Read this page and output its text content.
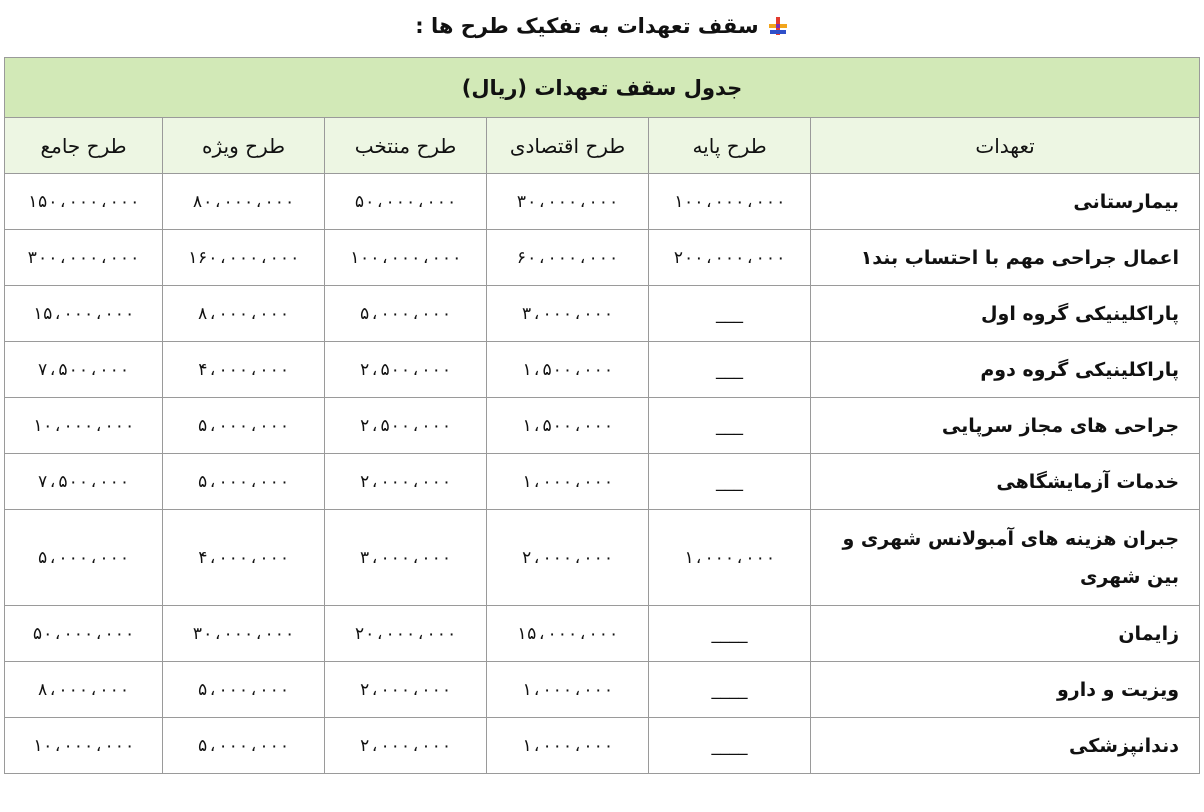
سقف تعهدات به تفکیک طرح ها :
جدول سقف تعهدات (ریال)					
تعهدات	طرح پایه	طرح اقتصادی	طرح منتخب	طرح ویژه	طرح جامع
بیمارستانی	۱۰۰،۰۰۰،۰۰۰	۳۰،۰۰۰،۰۰۰	۵۰،۰۰۰،۰۰۰	۸۰،۰۰۰،۰۰۰	۱۵۰،۰۰۰،۰۰۰
اعمال جراحی مهم با احتساب بند۱	۲۰۰،۰۰۰،۰۰۰	۶۰،۰۰۰،۰۰۰	۱۰۰،۰۰۰،۰۰۰	۱۶۰،۰۰۰،۰۰۰	۳۰۰،۰۰۰،۰۰۰
پاراکلینیکی گروه اول	___	۳،۰۰۰،۰۰۰	۵،۰۰۰،۰۰۰	۸،۰۰۰،۰۰۰	۱۵،۰۰۰،۰۰۰
پاراکلینیکی گروه دوم	___	۱،۵۰۰،۰۰۰	۲،۵۰۰،۰۰۰	۴،۰۰۰،۰۰۰	۷،۵۰۰،۰۰۰
جراحی های مجاز سرپایی	___	۱،۵۰۰،۰۰۰	۲،۵۰۰،۰۰۰	۵،۰۰۰،۰۰۰	۱۰،۰۰۰،۰۰۰
خدمات آزمایشگاهی	___	۱،۰۰۰،۰۰۰	۲،۰۰۰،۰۰۰	۵،۰۰۰،۰۰۰	۷،۵۰۰،۰۰۰
جبران هزینه های آمبولانس شهری و بین شهری	۱،۰۰۰،۰۰۰	۲،۰۰۰،۰۰۰	۳،۰۰۰،۰۰۰	۴،۰۰۰،۰۰۰	۵،۰۰۰،۰۰۰
زایمان	____	۱۵،۰۰۰،۰۰۰	۲۰،۰۰۰،۰۰۰	۳۰،۰۰۰،۰۰۰	۵۰،۰۰۰،۰۰۰
ویزیت و دارو	____	۱،۰۰۰،۰۰۰	۲،۰۰۰،۰۰۰	۵،۰۰۰،۰۰۰	۸،۰۰۰،۰۰۰
دندانپزشکی	____	۱،۰۰۰،۰۰۰	۲،۰۰۰،۰۰۰	۵،۰۰۰،۰۰۰	۱۰،۰۰۰،۰۰۰
